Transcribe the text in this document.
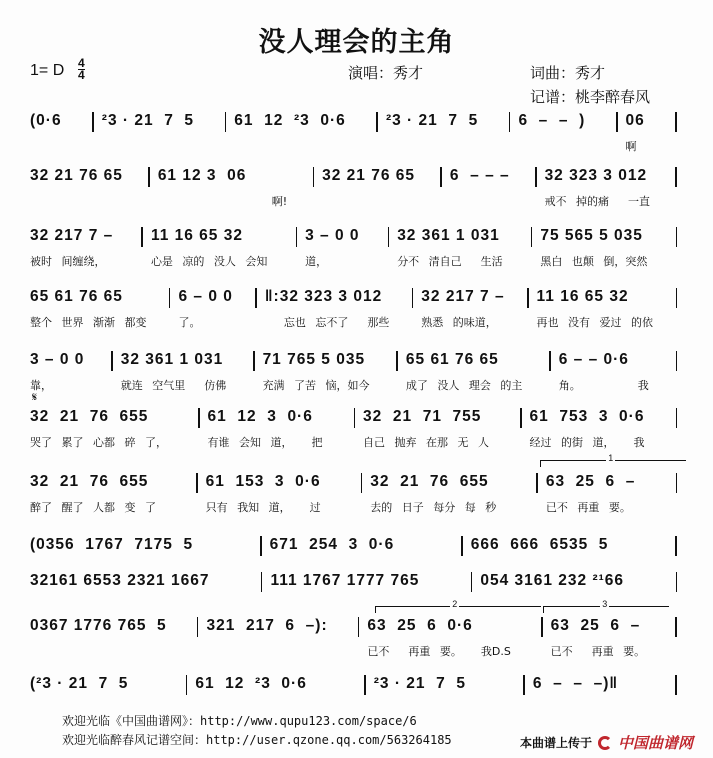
没人理会的主角
1= D 4
4	演唱：秀才	词曲：秀才
记谱：桃李醉春风
(0·6	²3 · 21  7  5	61  12  ²3  0·6	²3 · 21  7  5	6  –  –  )	06
啊
32 21 76 65	61 12 3  06
啊!
32 21 76 65	6  – – –	32 323 3 012
戒不 掉的痛  一直
32 217 7 –
被时 间缠绕，
11 16 65 32
心是 凉的 没人 会知
3 – 0 0
道，
32 361 1 031
分不 清自己  生活
75 565 5 035
黑白 也颠 倒，突然
65 61 76 65
整个 世界 渐渐 都变
6 – 0 0
了。
‖:32 323 3 012
忘也 忘不了  那些
32 217 7 –
熟悉 的味道，
11 16 65 32
再也 没有 爱过 的依
3 – 0 0
靠，
32 361 1 031
就连 空气里  仿佛
71 765 5 035
充满 了苦 恼，如今
65 61 76 65
成了 没人 理会 的主
6 – – 0·6
角。      我
32  21  76  655
哭了 累了 心都 碎 了，
61  12  3  0·6
有谁 会知 道，  把
32  21  71  755
自己 抛弃 在那 无 人
61  753  3  0·6
经过 的街 道，  我
32  21  76  655
醉了 醒了 人都 变 了
61  153  3  0·6
只有 我知 道，  过
32  21  76  655
去的 日子 每分 每 秒
63  25  6  –
已不 再重 要。
(0356  1767  7175  5	671  254  3  0·6	666  666  6535  5
32161 6553 2321 1667	111 1767 1777 765	054 3161 232 ²¹66
0367 1776 765  5	321  217  6  –):	63  25  6  0·6
已不  再重 要。  我D.S
63  25  6  –
已不  再重 要。
(²3 · 21  7  5	61  12  ²3  0·6	²3 · 21  7  5	6  –  –  –)‖
𝄋
1
2	3
欢迎光临《中国曲谱网》：http://www.qupu123.com/space/6
欢迎光临醉春风记谱空间：http://user.qzone.qq.com/563264185	本曲谱上传于 中国曲谱网
